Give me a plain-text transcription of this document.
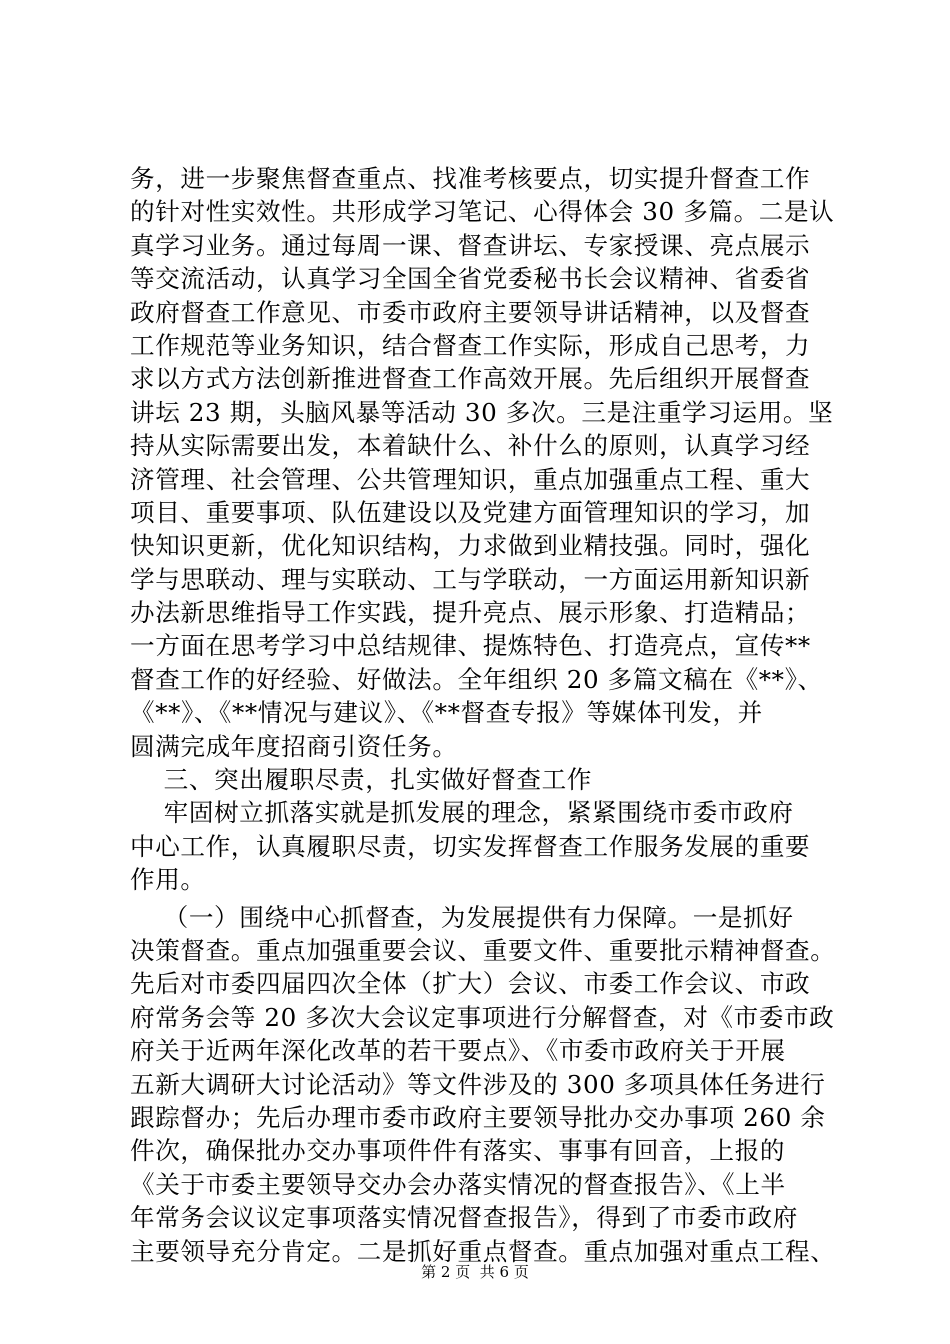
务，进一步聚焦督查重点、找准考核要点，切实提升督查工作
的针对性实效性。共形成学习笔记、心得体会 30 多篇。二是认
真学习业务。通过每周一课、督查讲坛、专家授课、亮点展示
等交流活动，认真学习全国全省党委秘书长会议精神、省委省
政府督查工作意见、市委市政府主要领导讲话精神，以及督查
工作规范等业务知识，结合督查工作实际，形成自己思考，力
求以方式方法创新推进督查工作高效开展。先后组织开展督查
讲坛 23 期，头脑风暴等活动 30 多次。三是注重学习运用。坚
持从实际需要出发，本着缺什么、补什么的原则，认真学习经
济管理、社会管理、公共管理知识，重点加强重点工程、重大
项目、重要事项、队伍建设以及党建方面管理知识的学习，加
快知识更新，优化知识结构，力求做到业精技强。同时，强化
学与思联动、理与实联动、工与学联动，一方面运用新知识新
办法新思维指导工作实践，提升亮点、展示形象、打造精品；
一方面在思考学习中总结规律、提炼特色、打造亮点，宣传**
督查工作的好经验、好做法。全年组织 20 多篇文稿在《**》、
《**》、《**情况与建议》、《**督查专报》等媒体刊发，并
圆满完成年度招商引资任务。
三、突出履职尽责，扎实做好督查工作
牢固树立抓落实就是抓发展的理念，紧紧围绕市委市政府
中心工作，认真履职尽责，切实发挥督查工作服务发展的重要
作用。
（一）围绕中心抓督查，为发展提供有力保障。一是抓好
决策督查。重点加强重要会议、重要文件、重要批示精神督查。
先后对市委四届四次全体（扩大）会议、市委工作会议、市政
府常务会等 20 多次大会议定事项进行分解督查，对《市委市政
府关于近两年深化改革的若干要点》、《市委市政府关于开展
五新大调研大讨论活动》等文件涉及的 300 多项具体任务进行
跟踪督办；先后办理市委市政府主要领导批办交办事项 260 余
件次，确保批办交办事项件件有落实、事事有回音，上报的
《关于市委主要领导交办会办落实情况的督查报告》、《上半
年常务会议议定事项落实情况督查报告》，得到了市委市政府
主要领导充分肯定。二是抓好重点督查。重点加强对重点工程、
第 2 页  共 6 页
